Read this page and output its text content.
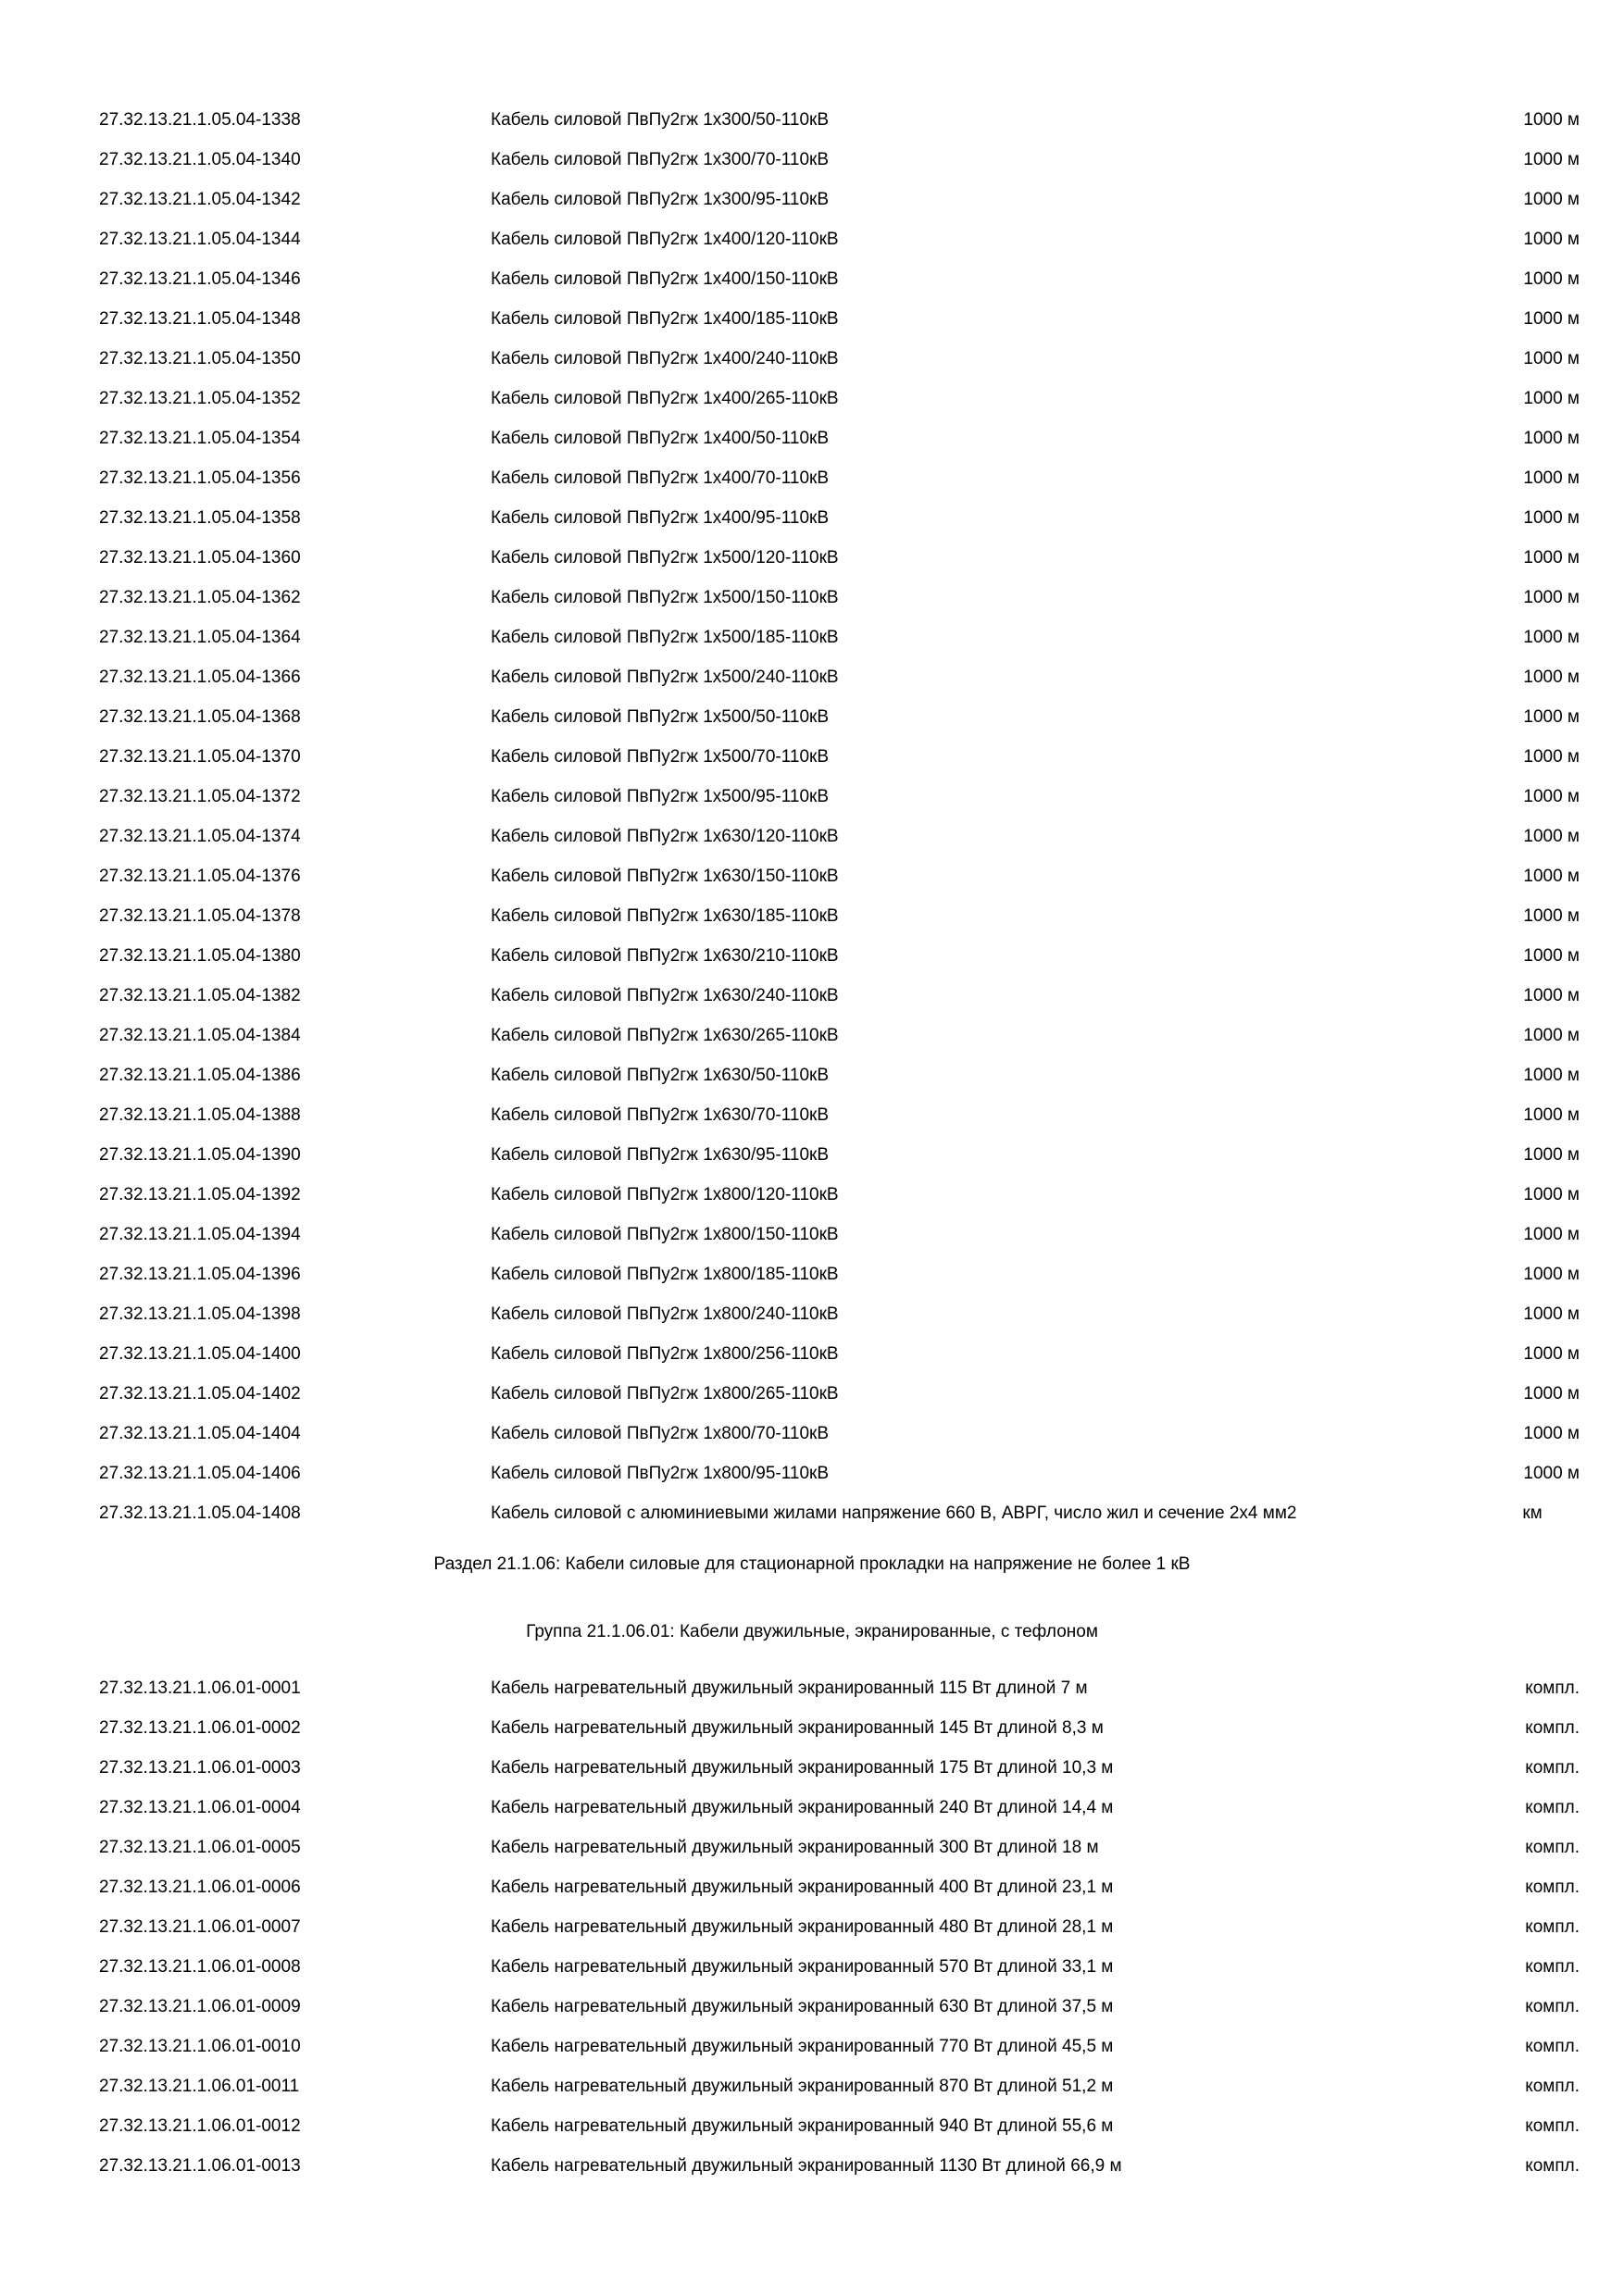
27.32.13.21.1.05.04-1338	Кабель силовой ПвПу2гж 1х300/50-110кВ	1000 м
27.32.13.21.1.05.04-1340	Кабель силовой ПвПу2гж 1х300/70-110кВ	1000 м
27.32.13.21.1.05.04-1342	Кабель силовой ПвПу2гж 1х300/95-110кВ	1000 м
27.32.13.21.1.05.04-1344	Кабель силовой ПвПу2гж 1х400/120-110кВ	1000 м
27.32.13.21.1.05.04-1346	Кабель силовой ПвПу2гж 1х400/150-110кВ	1000 м
27.32.13.21.1.05.04-1348	Кабель силовой ПвПу2гж 1х400/185-110кВ	1000 м
27.32.13.21.1.05.04-1350	Кабель силовой ПвПу2гж 1х400/240-110кВ	1000 м
27.32.13.21.1.05.04-1352	Кабель силовой ПвПу2гж 1х400/265-110кВ	1000 м
27.32.13.21.1.05.04-1354	Кабель силовой ПвПу2гж 1х400/50-110кВ	1000 м
27.32.13.21.1.05.04-1356	Кабель силовой ПвПу2гж 1х400/70-110кВ	1000 м
27.32.13.21.1.05.04-1358	Кабель силовой ПвПу2гж 1х400/95-110кВ	1000 м
27.32.13.21.1.05.04-1360	Кабель силовой ПвПу2гж 1х500/120-110кВ	1000 м
27.32.13.21.1.05.04-1362	Кабель силовой ПвПу2гж 1х500/150-110кВ	1000 м
27.32.13.21.1.05.04-1364	Кабель силовой ПвПу2гж 1х500/185-110кВ	1000 м
27.32.13.21.1.05.04-1366	Кабель силовой ПвПу2гж 1х500/240-110кВ	1000 м
27.32.13.21.1.05.04-1368	Кабель силовой ПвПу2гж 1х500/50-110кВ	1000 м
27.32.13.21.1.05.04-1370	Кабель силовой ПвПу2гж 1х500/70-110кВ	1000 м
27.32.13.21.1.05.04-1372	Кабель силовой ПвПу2гж 1х500/95-110кВ	1000 м
27.32.13.21.1.05.04-1374	Кабель силовой ПвПу2гж 1х630/120-110кВ	1000 м
27.32.13.21.1.05.04-1376	Кабель силовой ПвПу2гж 1х630/150-110кВ	1000 м
27.32.13.21.1.05.04-1378	Кабель силовой ПвПу2гж 1х630/185-110кВ	1000 м
27.32.13.21.1.05.04-1380	Кабель силовой ПвПу2гж 1х630/210-110кВ	1000 м
27.32.13.21.1.05.04-1382	Кабель силовой ПвПу2гж 1х630/240-110кВ	1000 м
27.32.13.21.1.05.04-1384	Кабель силовой ПвПу2гж 1х630/265-110кВ	1000 м
27.32.13.21.1.05.04-1386	Кабель силовой ПвПу2гж 1х630/50-110кВ	1000 м
27.32.13.21.1.05.04-1388	Кабель силовой ПвПу2гж 1х630/70-110кВ	1000 м
27.32.13.21.1.05.04-1390	Кабель силовой ПвПу2гж 1х630/95-110кВ	1000 м
27.32.13.21.1.05.04-1392	Кабель силовой ПвПу2гж 1х800/120-110кВ	1000 м
27.32.13.21.1.05.04-1394	Кабель силовой ПвПу2гж 1х800/150-110кВ	1000 м
27.32.13.21.1.05.04-1396	Кабель силовой ПвПу2гж 1х800/185-110кВ	1000 м
27.32.13.21.1.05.04-1398	Кабель силовой ПвПу2гж 1х800/240-110кВ	1000 м
27.32.13.21.1.05.04-1400	Кабель силовой ПвПу2гж 1х800/256-110кВ	1000 м
27.32.13.21.1.05.04-1402	Кабель силовой ПвПу2гж 1х800/265-110кВ	1000 м
27.32.13.21.1.05.04-1404	Кабель силовой ПвПу2гж 1х800/70-110кВ	1000 м
27.32.13.21.1.05.04-1406	Кабель силовой ПвПу2гж 1х800/95-110кВ	1000 м
27.32.13.21.1.05.04-1408	Кабель силовой с алюминиевыми жилами напряжение 660 В, АВРГ, число жил и сечение 2х4 мм2	км
Раздел 21.1.06: Кабели силовые для стационарной прокладки на напряжение не более 1 кВ
Группа 21.1.06.01: Кабели двужильные, экранированные, с тефлоном
27.32.13.21.1.06.01-0001	Кабель нагревательный двужильный экранированный 115 Вт длиной 7 м	компл.
27.32.13.21.1.06.01-0002	Кабель нагревательный двужильный экранированный 145 Вт длиной 8,3 м	компл.
27.32.13.21.1.06.01-0003	Кабель нагревательный двужильный экранированный 175 Вт длиной 10,3 м	компл.
27.32.13.21.1.06.01-0004	Кабель нагревательный двужильный экранированный 240 Вт длиной 14,4 м	компл.
27.32.13.21.1.06.01-0005	Кабель нагревательный двужильный экранированный 300 Вт длиной 18 м	компл.
27.32.13.21.1.06.01-0006	Кабель нагревательный двужильный экранированный 400 Вт длиной 23,1 м	компл.
27.32.13.21.1.06.01-0007	Кабель нагревательный двужильный экранированный 480 Вт длиной 28,1 м	компл.
27.32.13.21.1.06.01-0008	Кабель нагревательный двужильный экранированный 570 Вт длиной 33,1 м	компл.
27.32.13.21.1.06.01-0009	Кабель нагревательный двужильный экранированный 630 Вт длиной 37,5 м	компл.
27.32.13.21.1.06.01-0010	Кабель нагревательный двужильный экранированный 770 Вт длиной 45,5 м	компл.
27.32.13.21.1.06.01-0011	Кабель нагревательный двужильный экранированный 870 Вт длиной 51,2 м	компл.
27.32.13.21.1.06.01-0012	Кабель нагревательный двужильный экранированный 940 Вт длиной 55,6 м	компл.
27.32.13.21.1.06.01-0013	Кабель нагревательный двужильный экранированный 1130 Вт длиной 66,9 м	компл.
